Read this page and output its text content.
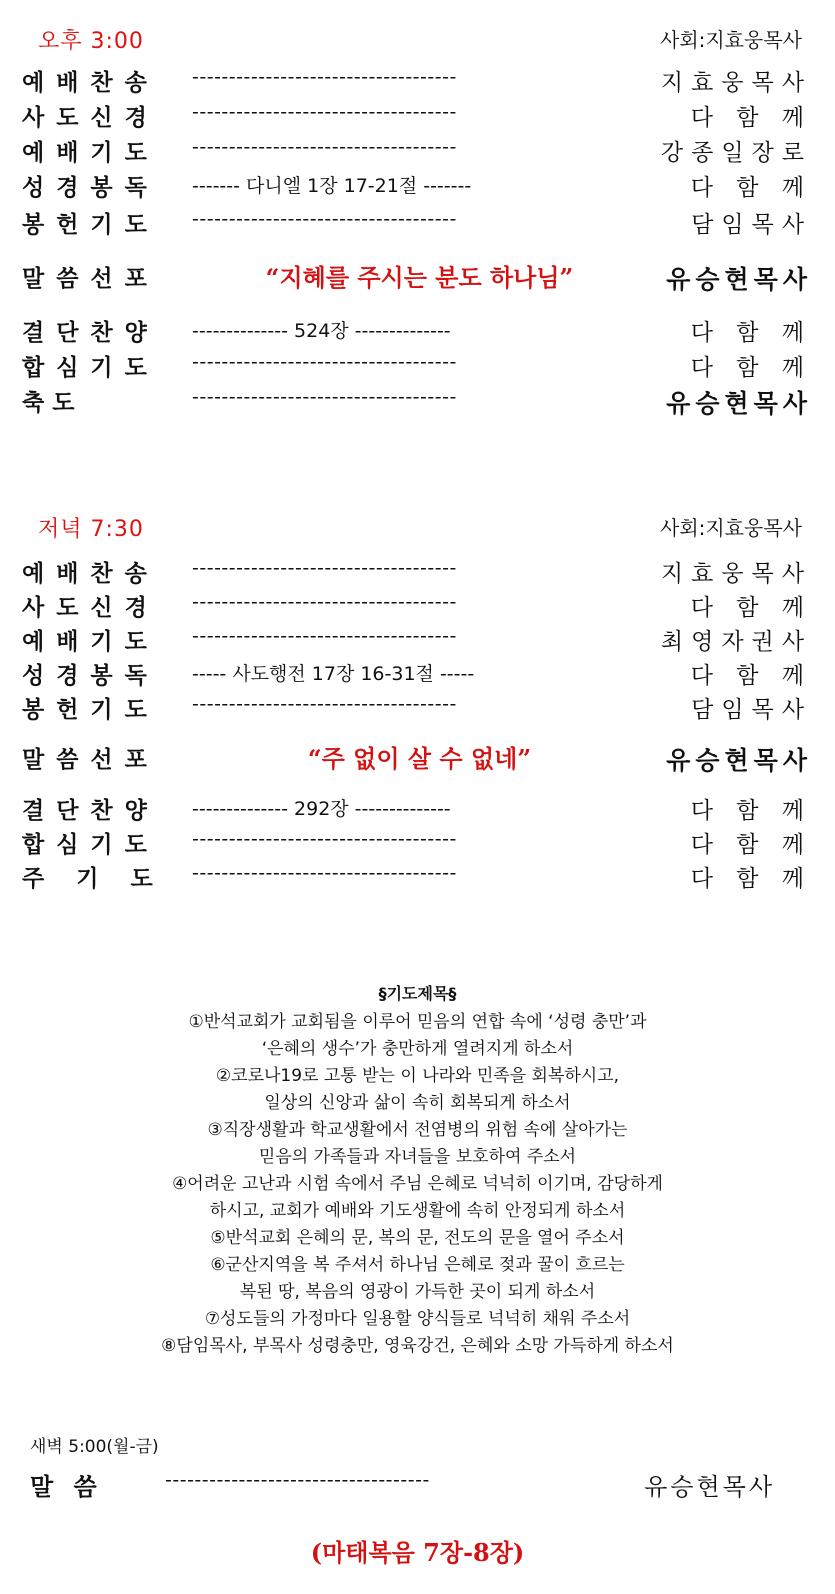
오후 3:00	사회:지효웅목사
예배찬송 ------------------------------------	지효웅목사
사도신경 ------------------------------------	다 함 께
예배기도 ------------------------------------	강종일장로
성경봉독 ------- 다니엘 1장 17-21절 -------	다 함 께
봉헌기도 ------------------------------------	담임목사
말씀선포	“지혜를 주시는 분도 하나님”	유승현목사
결단찬양 -------------- 524장 --------------	다 함 께
합심기도 ------------------------------------	다 함 께
축 도	------------------------------------	유승현목사
저녁 7:30	사회:지효웅목사
예배찬송 ------------------------------------	지효웅목사
사도신경 ------------------------------------	다 함 께
예배기도 ------------------------------------	최영자권사
성경봉독 ----- 사도행전 17장 16-31절 -----	다 함 께
봉헌기도 ------------------------------------	담임목사
말씀선포	“주 없이 살 수 없네”	유승현목사
결단찬양 -------------- 292장 --------------	다 함 께
합심기도 ------------------------------------	다 함 께
주 기 도 ------------------------------------	다 함 께
§기도제목§
①반석교회가 교회됨을 이루어 믿음의 연합 속에 ‘성령 충만’과
‘은혜의 생수’가 충만하게 열려지게 하소서
②코로나19로 고통 받는 이 나라와 민족을 회복하시고,
일상의 신앙과 삶이 속히 회복되게 하소서
③직장생활과 학교생활에서 전염병의 위험 속에 살아가는
믿음의 가족들과 자녀들을 보호하여 주소서
④어려운 고난과 시험 속에서 주님 은혜로 넉넉히 이기며, 감당하게
하시고, 교회가 예배와 기도생활에 속히 안정되게 하소서
⑤반석교회 은혜의 문, 복의 문, 전도의 문을 열어 주소서
⑥군산지역을 복 주셔서 하나님 은혜로 젖과 꿀이 흐르는
복된 땅, 복음의 영광이 가득한 곳이 되게 하소서
⑦성도들의 가정마다 일용할 양식들로 넉넉히 채워 주소서
⑧담임목사, 부목사 성령충만, 영육강건, 은혜와 소망 가득하게 하소서
새벽 5:00(월-금)
말 씀	------------------------------------	유승현목사
(마태복음 7장-8장)
